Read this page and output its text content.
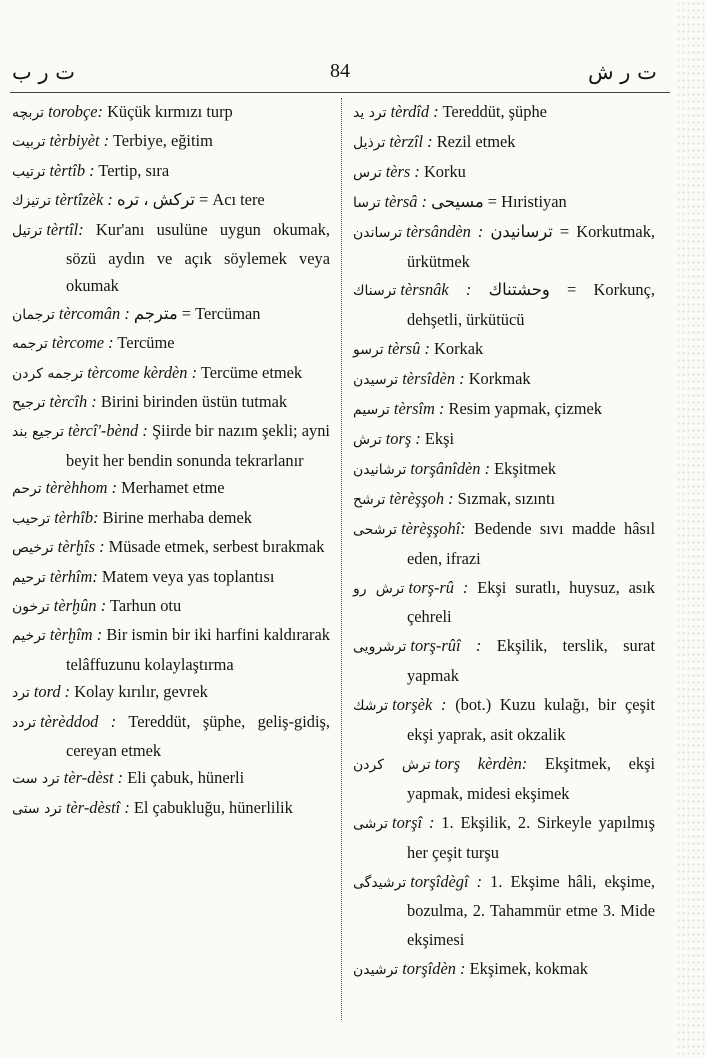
ت ر ب	84	ت ر ش

ترﺑﭽﻪ torobçe: Küçük kırmızı turp

ترﺑﻴﺖ tèrbiyèt : Terbiye, eğitim

ترﺗﻴﺐ tèrtîb : Tertip, sıra

ترﺗﻴﺰك tèrtîzèk : ترﮐﺶ ، تره = Acı tere

ترﺗﻴﻞ tèrtîl: Kur'anı usulüne uygun okumak, sözü aydın ve açık söylemek veya okumak

ترﺟﻤﺎن tèrcomân : مترجم = Tercüman

ترﺟﻤﻪ tèrcome : Tercüme

ترﺟﻤﻪ ﮐﺮدن tèrcome kèrdèn : Tercüme etmek

ترﺟﻴﺢ tèrcîh : Birini birinden üstün tutmak

ترﺟﻴﻊ ﺑﻨﺪ tèrcî'-bènd : Şiirde bir nazım şekli; ayni beyit her bendin sonunda tekrarlanır

ترﺣﻢ tèrèhhom : Merhamet etme

ترﺣﻴﺐ tèrhîb: Birine merhaba demek

ترﺧﻴﺺ tèrḫîs : Müsade etmek, serbest bırakmak

ترﺣﻴﻢ tèrhîm: Matem veya yas toplantısı

ترﺧﻮن tèrḫûn : Tarhun otu

ترﺧﻴﻢ tèrḫîm : Bir ismin bir iki harfini kaldırarak telâffuzunu kolaylaştırma

ترد tord : Kolay kırılır, gevrek

تردد tèrèddod : Tereddüt, şüphe, geliş-gidiş, cereyan etmek

ترد ﺳﺖ tèr-dèst : Eli çabuk, hünerli

ترد ﺳﺘﻰ tèr-dèstî : El çabukluğu, hünerlilik

ترد ﻳﺪ tèrdîd : Tereddüt, şüphe

ترذﻳﻞ tèrzîl : Rezil etmek

ترس tèrs : Korku

ترﺳﺎ tèrsâ : مسيحى = Hıristiyan

ترﺳﺎﻧﺪن tèrsândèn : ترساﻧﻴﺪن = Korkutmak, ürkütmek

ترﺳﻨﺎك tèrsnâk : وحشتناك = Korkunç, dehşetli, ürkütücü

ترﺳﻮ tèrsû : Korkak

ترﺳﻴﺪن tèrsîdèn : Korkmak

ترﺳﻴﻢ tèrsîm : Resim yapmak, çizmek

ترش torş : Ekşi

ترﺷﺎﻧﻴﺪن torşânîdèn : Ekşitmek

ترﺷﺢ tèrèşşoh : Sızmak, sızıntı

ترﺷﺤﻰ tèrèşşohî: Bedende sıvı madde hâsıl eden, ifrazi

ترش رو torş-rû : Ekşi suratlı, huysuz, asık çehreli

ترﺷﺮوﻳﻰ torş-rûî : Ekşilik, terslik, surat yapmak

ترﺷﻚ torşèk : (bot.) Kuzu kulağı, bir çeşit ekşi yaprak, asit okzalik

ترش ﻛﺮدن torş kèrdèn: Ekşitmek, ekşi yapmak, midesi ekşimek

ترﺷﻰ torşî : 1. Ekşilik, 2. Sirkeyle yapılmış her çeşit turşu

ترﺷﻴﺪﮔﻰ torşîdègî : 1. Ekşime hâli, ekşime, bozulma, 2. Tahammür etme 3. Mide ekşimesi

ترﺷﻴﺪن torşîdèn : Ekşimek, kokmak
